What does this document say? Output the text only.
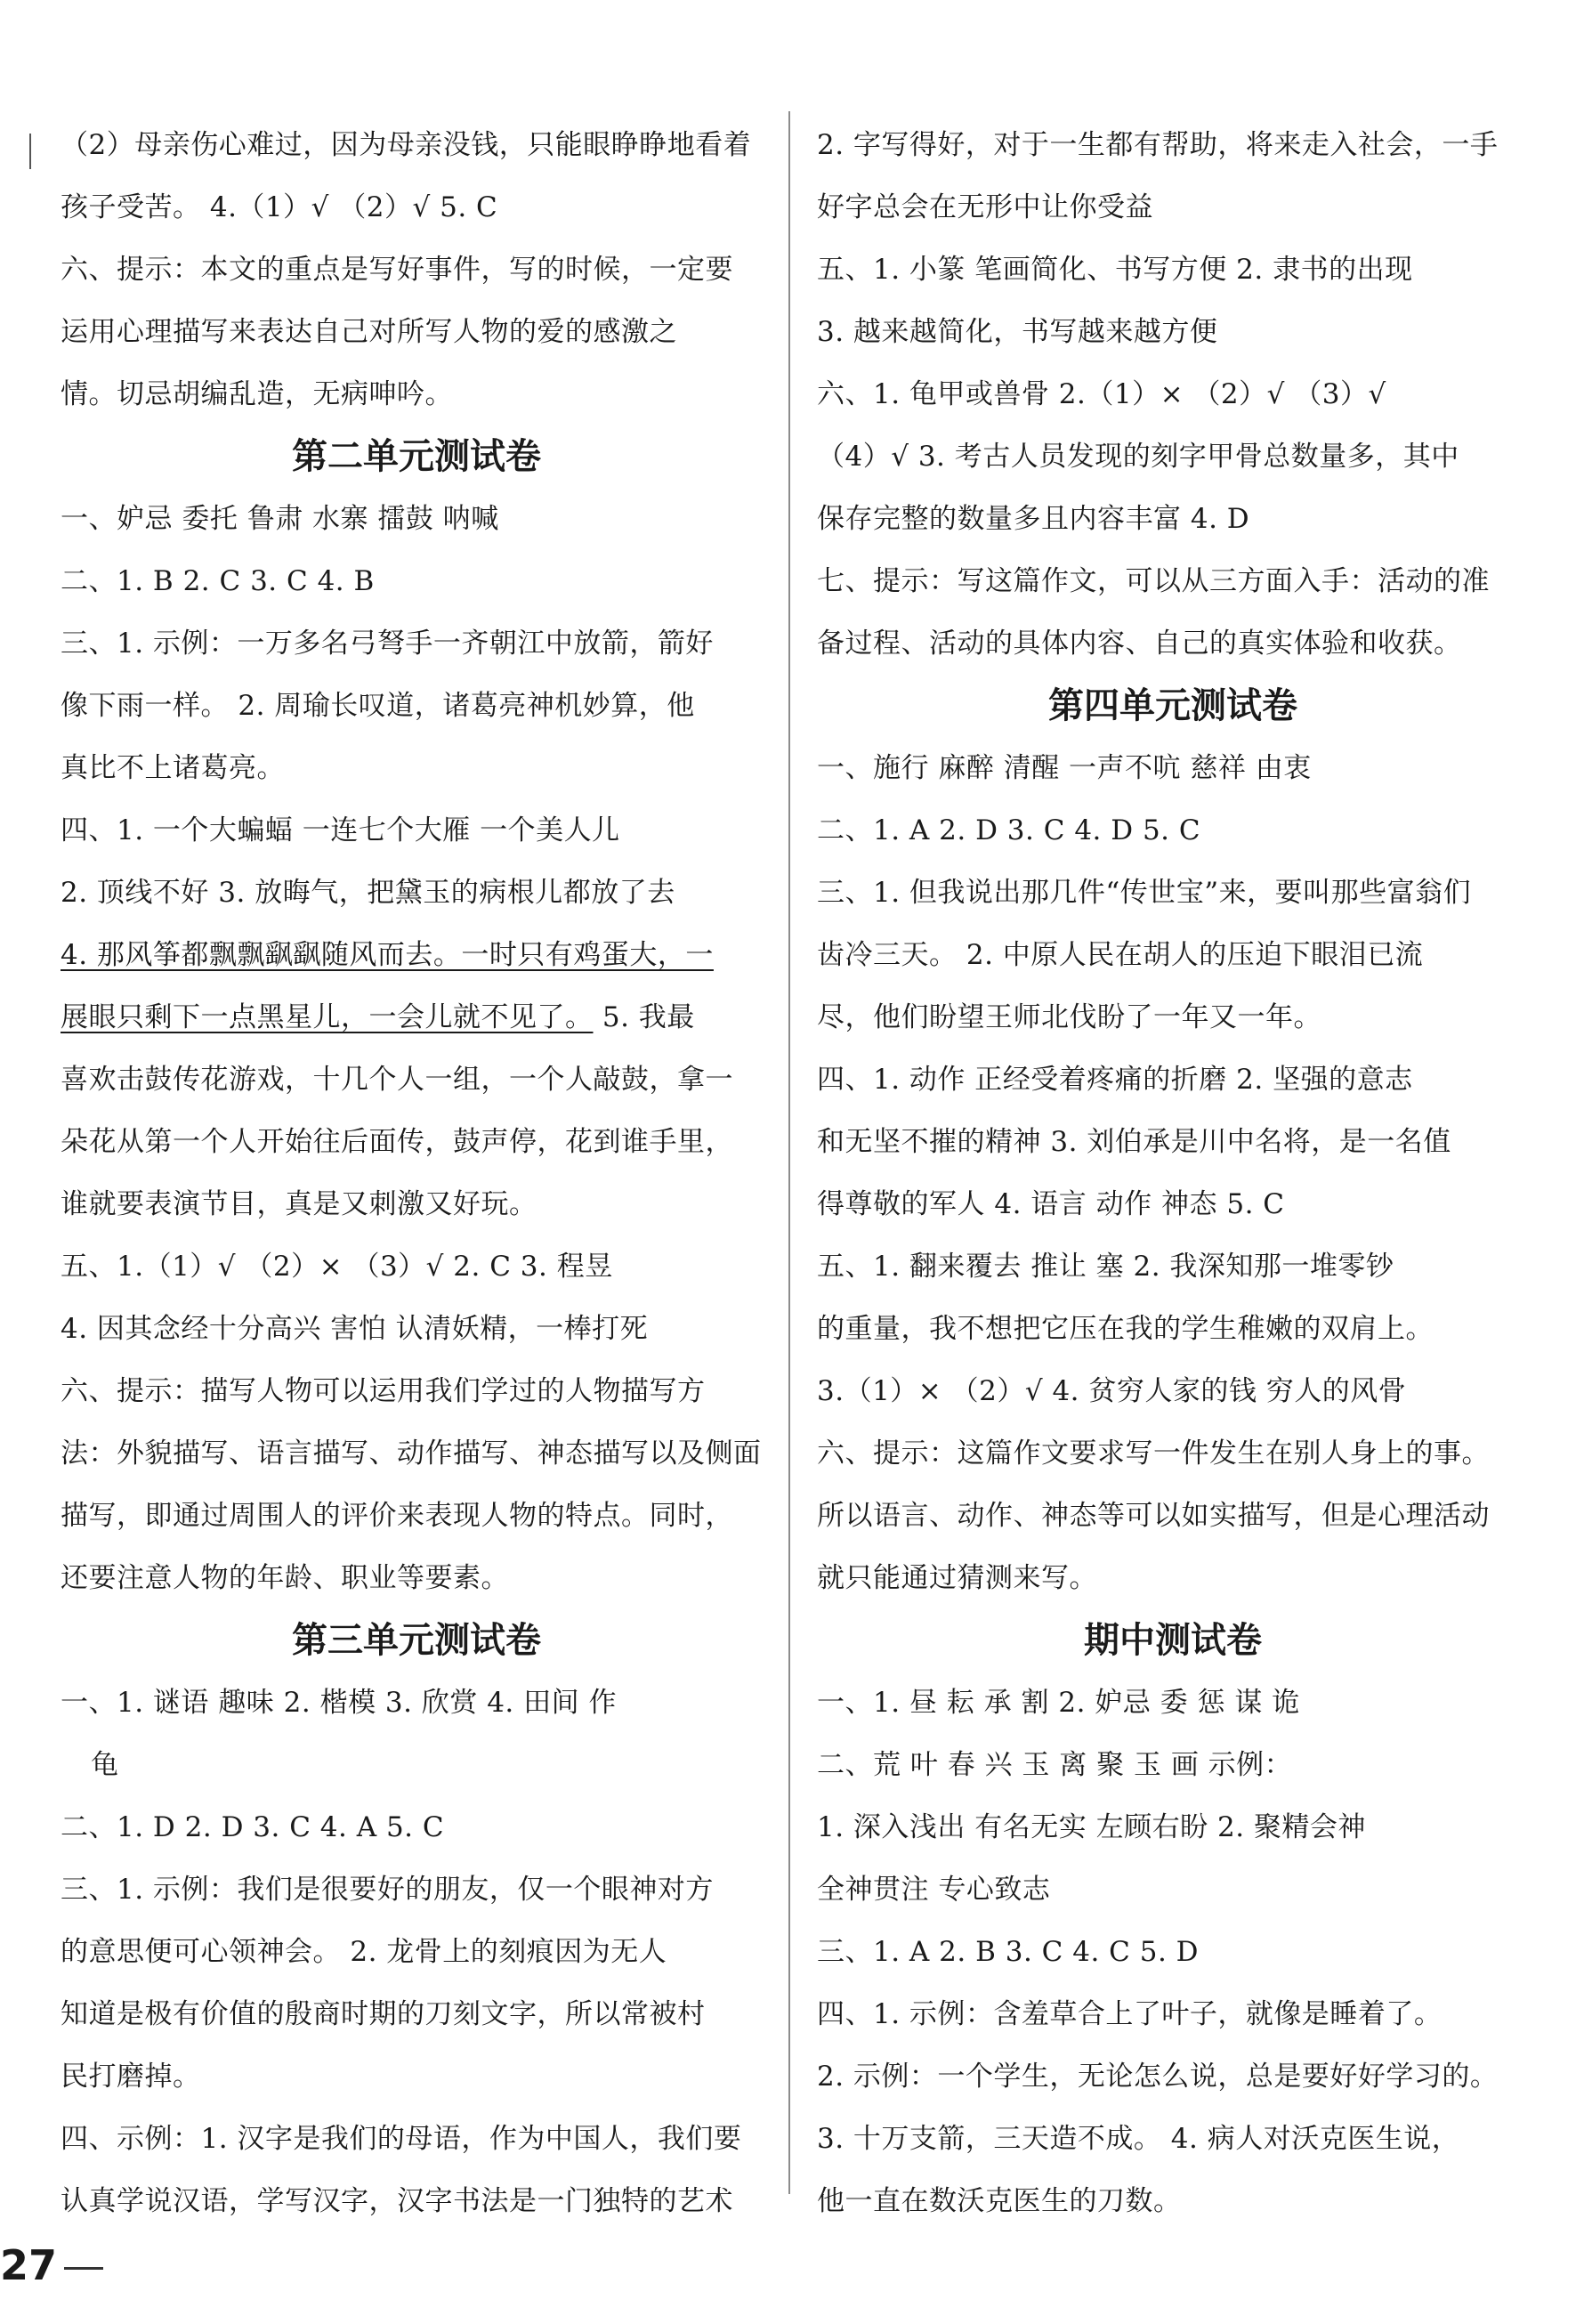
（2）母亲伤心难过，因为母亲没钱，只能眼睁睁地看着
孩子受苦。 4.（1）√ （2）√ 5. C
六、提示：本文的重点是写好事件，写的时候，一定要
运用心理描写来表达自己对所写人物的爱的感激之
情。切忌胡编乱造，无病呻吟。
第二单元测试卷
一、妒忌 委托 鲁肃 水寨 擂鼓 呐喊
二、1. B 2. C 3. C 4. B
三、1. 示例：一万多名弓弩手一齐朝江中放箭，箭好
像下雨一样。 2. 周瑜长叹道，诸葛亮神机妙算，他
真比不上诸葛亮。
四、1. 一个大蝙蝠 一连七个大雁 一个美人儿
2. 顶线不好 3. 放晦气，把黛玉的病根儿都放了去
4. 那风筝都飘飘飖飖随风而去。一时只有鸡蛋大，一
展眼只剩下一点黑星儿，一会儿就不见了。 5. 我最
喜欢击鼓传花游戏，十几个人一组，一个人敲鼓，拿一
朵花从第一个人开始往后面传，鼓声停，花到谁手里，
谁就要表演节目，真是又刺激又好玩。
五、1.（1）√ （2）× （3）√ 2. C 3. 程昱
4. 因其念经十分高兴 害怕 认清妖精，一棒打死
六、提示：描写人物可以运用我们学过的人物描写方
法：外貌描写、语言描写、动作描写、神态描写以及侧面
描写，即通过周围人的评价来表现人物的特点。同时，
还要注意人物的年龄、职业等要素。
第三单元测试卷
一、1. 谜语 趣味 2. 楷模 3. 欣赏 4. 田间 作
龟
二、1. D 2. D 3. C 4. A 5. C
三、1. 示例：我们是很要好的朋友，仅一个眼神对方
的意思便可心领神会。 2. 龙骨上的刻痕因为无人
知道是极有价值的殷商时期的刀刻文字，所以常被村
民打磨掉。
四、示例：1. 汉字是我们的母语，作为中国人，我们要
认真学说汉语，学写汉字，汉字书法是一门独特的艺术
2. 字写得好，对于一生都有帮助，将来走入社会，一手
好字总会在无形中让你受益
五、1. 小篆 笔画简化、书写方便 2. 隶书的出现
3. 越来越简化，书写越来越方便
六、1. 龟甲或兽骨 2.（1）× （2）√ （3）√
（4）√ 3. 考古人员发现的刻字甲骨总数量多，其中
保存完整的数量多且内容丰富 4. D
七、提示：写这篇作文，可以从三方面入手：活动的准
备过程、活动的具体内容、自己的真实体验和收获。
第四单元测试卷
一、施行 麻醉 清醒 一声不吭 慈祥 由衷
二、1. A 2. D 3. C 4. D 5. C
三、1. 但我说出那几件“传世宝”来，要叫那些富翁们
齿冷三天。 2. 中原人民在胡人的压迫下眼泪已流
尽，他们盼望王师北伐盼了一年又一年。
四、1. 动作 正经受着疼痛的折磨 2. 坚强的意志
和无坚不摧的精神 3. 刘伯承是川中名将，是一名值
得尊敬的军人 4. 语言 动作 神态 5. C
五、1. 翻来覆去 推让 塞 2. 我深知那一堆零钞
的重量，我不想把它压在我的学生稚嫩的双肩上。
3.（1）× （2）√ 4. 贫穷人家的钱 穷人的风骨
六、提示：这篇作文要求写一件发生在别人身上的事。
所以语言、动作、神态等可以如实描写，但是心理活动
就只能通过猜测来写。
期中测试卷
一、1. 昼 耘 承 割 2. 妒忌 委 惩 谋 诡
二、荒 叶 春 兴 玉 离 聚 玉 画 示例：
1. 深入浅出 有名无实 左顾右盼 2. 聚精会神
全神贯注 专心致志
三、1. A 2. B 3. C 4. C 5. D
四、1. 示例：含羞草合上了叶子，就像是睡着了。
2. 示例：一个学生，无论怎么说，总是要好好学习的。
3. 十万支箭，三天造不成。 4. 病人对沃克医生说，
他一直在数沃克医生的刀数。
27
